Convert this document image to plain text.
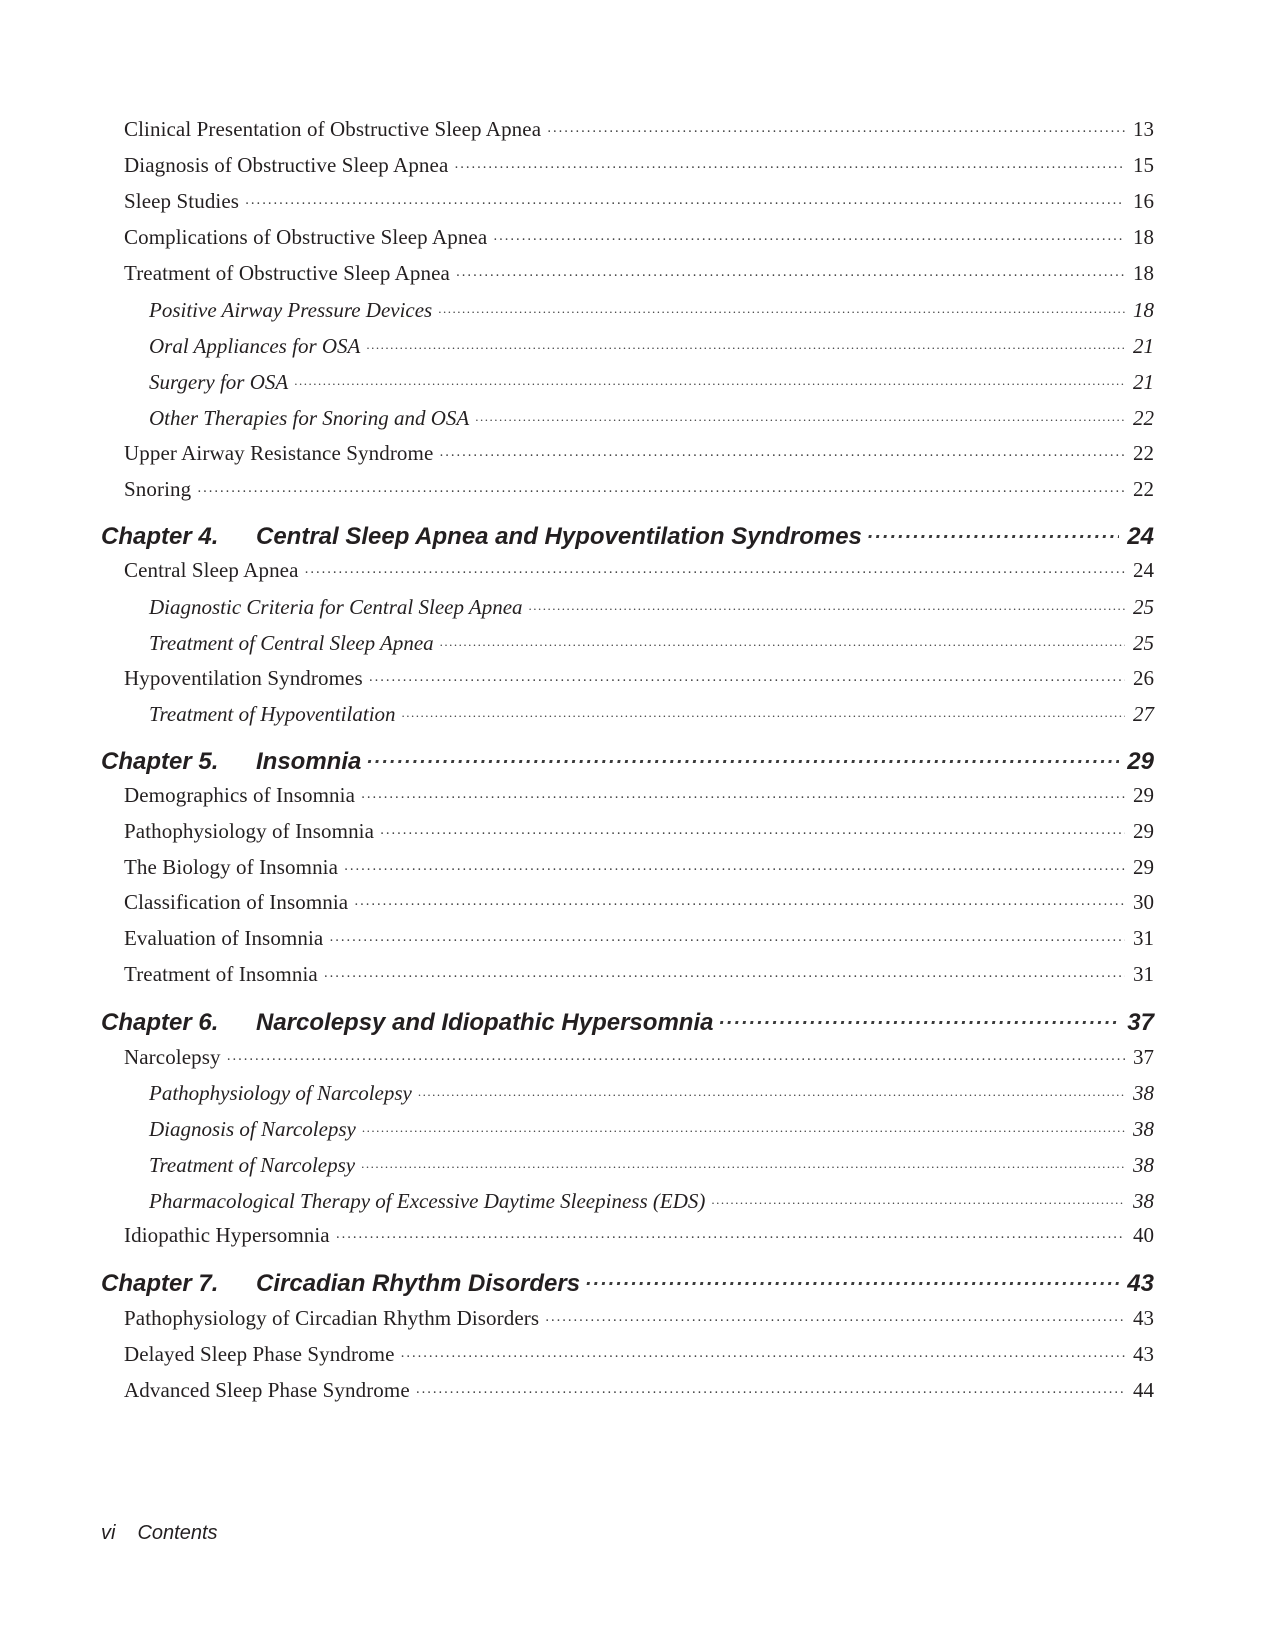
Clinical Presentation of Obstructive Sleep Apnea .....	13
Diagnosis of Obstructive Sleep Apnea .....	15
Sleep Studies .....	16
Complications of Obstructive Sleep Apnea .....	18
Treatment of Obstructive Sleep Apnea .....	18
Positive Airway Pressure Devices .....	18
Oral Appliances for OSA .....	21
Surgery for OSA .....	21
Other Therapies for Snoring and OSA .....	22
Upper Airway Resistance Syndrome .....	22
Snoring .....	22
Chapter 4. Central Sleep Apnea and Hypoventilation Syndromes .....	24
Central Sleep Apnea .....	24
Diagnostic Criteria for Central Sleep Apnea .....	25
Treatment of Central Sleep Apnea .....	25
Hypoventilation Syndromes .....	26
Treatment of Hypoventilation .....	27
Chapter 5. Insomnia .....	29
Demographics of Insomnia .....	29
Pathophysiology of Insomnia .....	29
The Biology of Insomnia .....	29
Classification of Insomnia .....	30
Evaluation of Insomnia .....	31
Treatment of Insomnia .....	31
Chapter 6. Narcolepsy and Idiopathic Hypersomnia .....	37
Narcolepsy .....	37
Pathophysiology of Narcolepsy .....	38
Diagnosis of Narcolepsy .....	38
Treatment of Narcolepsy .....	38
Pharmacological Therapy of Excessive Daytime Sleepiness (EDS) .....	38
Idiopathic Hypersomnia .....	40
Chapter 7. Circadian Rhythm Disorders .....	43
Pathophysiology of Circadian Rhythm Disorders .....	43
Delayed Sleep Phase Syndrome .....	43
Advanced Sleep Phase Syndrome .....	44
vi Contents
